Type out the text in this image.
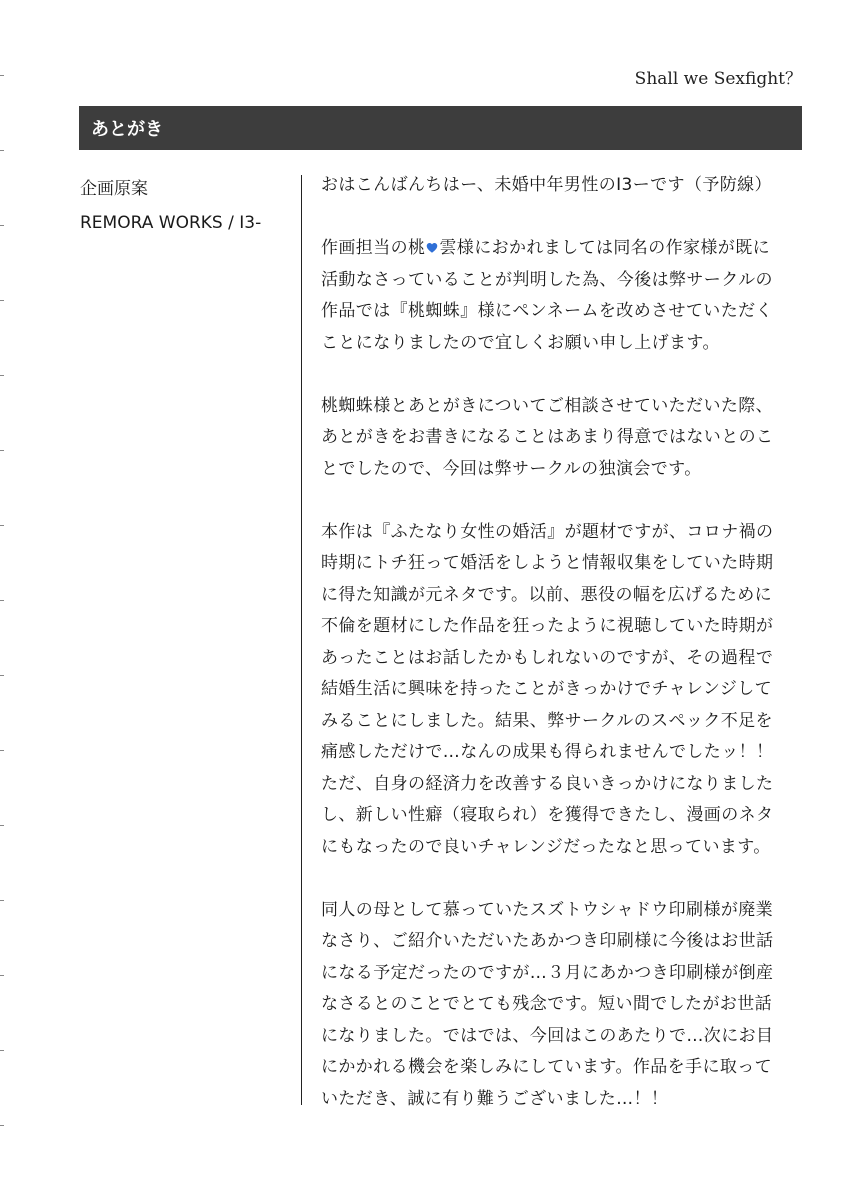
Shall we Sexfight？
あとがき
企画原案
REMORA WORKS / I3-
おはこんばんちはー、未婚中年男性のI3ーです（予防線）
作画担当の桃 雲様におかれましては同名の作家様が既に
活動なさっていることが判明した為、今後は弊サークルの
作品では『桃蜘蛛』様にペンネームを改めさせていただく
ことになりましたので宜しくお願い申し上げます。
桃蜘蛛様とあとがきについてご相談させていただいた際、
あとがきをお書きになることはあまり得意ではないとのこ
とでしたので、今回は弊サークルの独演会です。
本作は『ふたなり女性の婚活』が題材ですが、コロナ禍の
時期にトチ狂って婚活をしようと情報収集をしていた時期
に得た知識が元ネタです。以前、悪役の幅を広げるために
不倫を題材にした作品を狂ったように視聴していた時期が
あったことはお話したかもしれないのですが、その過程で
結婚生活に興味を持ったことがきっかけでチャレンジして
みることにしました。結果、弊サークルのスペック不足を
痛感しただけで…なんの成果も得られませんでしたッ！！
ただ、自身の経済力を改善する良いきっかけになりました
し、新しい性癖（寝取られ）を獲得できたし、漫画のネタ
にもなったので良いチャレンジだったなと思っています。
同人の母として慕っていたスズトウシャドウ印刷様が廃業
なさり、ご紹介いただいたあかつき印刷様に今後はお世話
になる予定だったのですが…３月にあかつき印刷様が倒産
なさるとのことでとても残念です。短い間でしたがお世話
になりました。ではでは、今回はこのあたりで…次にお目
にかかれる機会を楽しみにしています。作品を手に取って
いただき、誠に有り難うございました…！！
